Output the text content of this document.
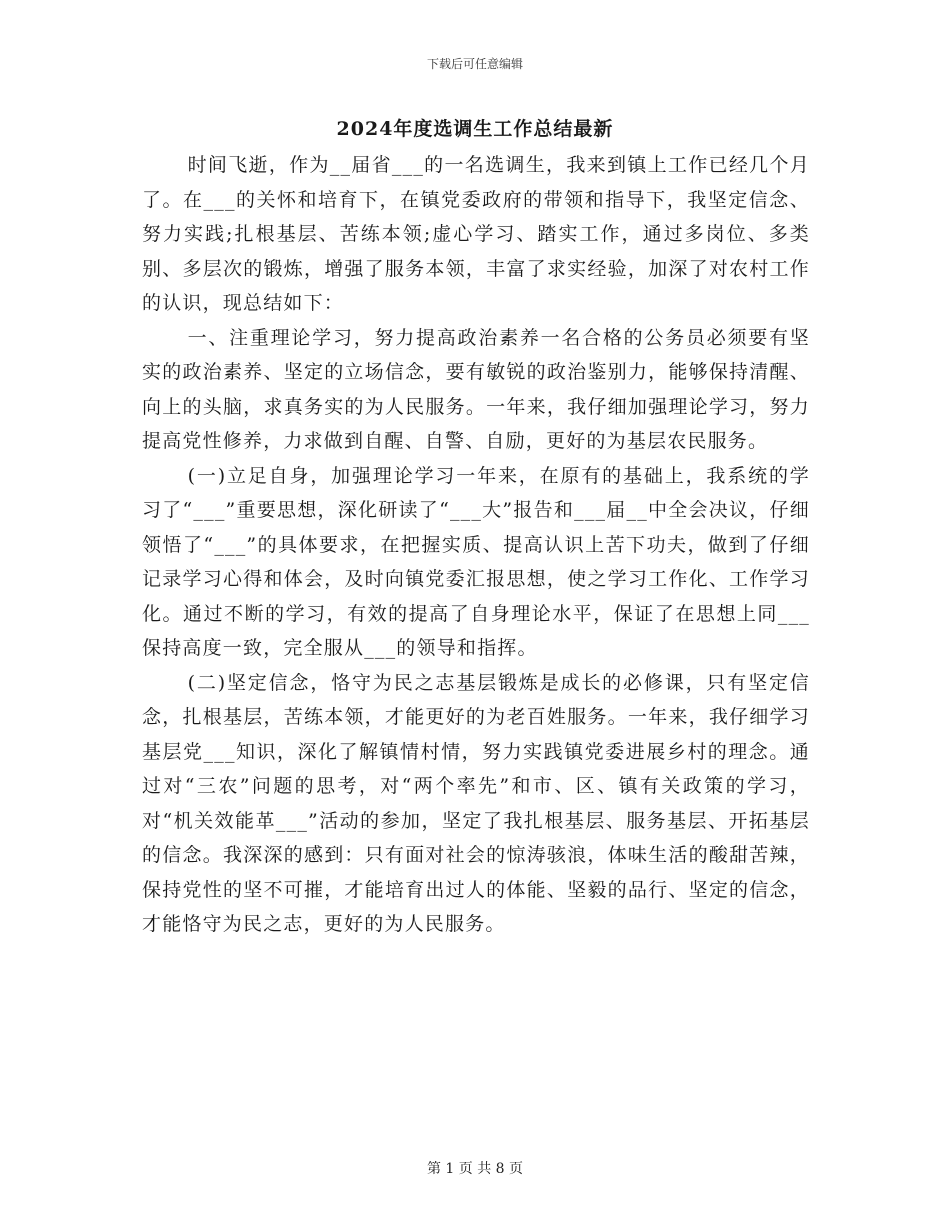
下载后可任意编辑
2024年度选调生工作总结最新

时间飞逝，作为__届省___的一名选调生，我来到镇上工作已经几个月了。在___的关怀和培育下，在镇党委政府的带领和指导下，我坚定信念、努力实践;扎根基层、苦练本领;虚心学习、踏实工作，通过多岗位、多类别、多层次的锻炼，增强了服务本领，丰富了求实经验，加深了对农村工作的认识，现总结如下：

一、注重理论学习，努力提高政治素养一名合格的公务员必须要有坚实的政治素养、坚定的立场信念，要有敏锐的政治鉴别力，能够保持清醒、向上的头脑，求真务实的为人民服务。一年来，我仔细加强理论学习，努力提高党性修养，力求做到自醒、自警、自励，更好的为基层农民服务。

(一)立足自身，加强理论学习一年来，在原有的基础上，我系统的学习了“___”重要思想，深化研读了“___大”报告和___届__中全会决议，仔细领悟了“___”的具体要求，在把握实质、提高认识上苦下功夫，做到了仔细记录学习心得和体会，及时向镇党委汇报思想，使之学习工作化、工作学习化。通过不断的学习，有效的提高了自身理论水平，保证了在思想上同___保持高度一致，完全服从___的领导和指挥。

(二)坚定信念，恪守为民之志基层锻炼是成长的必修课，只有坚定信念，扎根基层，苦练本领，才能更好的为老百姓服务。一年来，我仔细学习基层党___知识，深化了解镇情村情，努力实践镇党委进展乡村的理念。通过对“三农”问题的思考，对“两个率先”和市、区、镇有关政策的学习，对“机关效能革___”活动的参加，坚定了我扎根基层、服务基层、开拓基层的信念。我深深的感到：只有面对社会的惊涛骇浪，体味生活的酸甜苦辣，保持党性的坚不可摧，才能培育出过人的体能、坚毅的品行、坚定的信念，才能恪守为民之志，更好的为人民服务。

第 1 页 共 8 页
